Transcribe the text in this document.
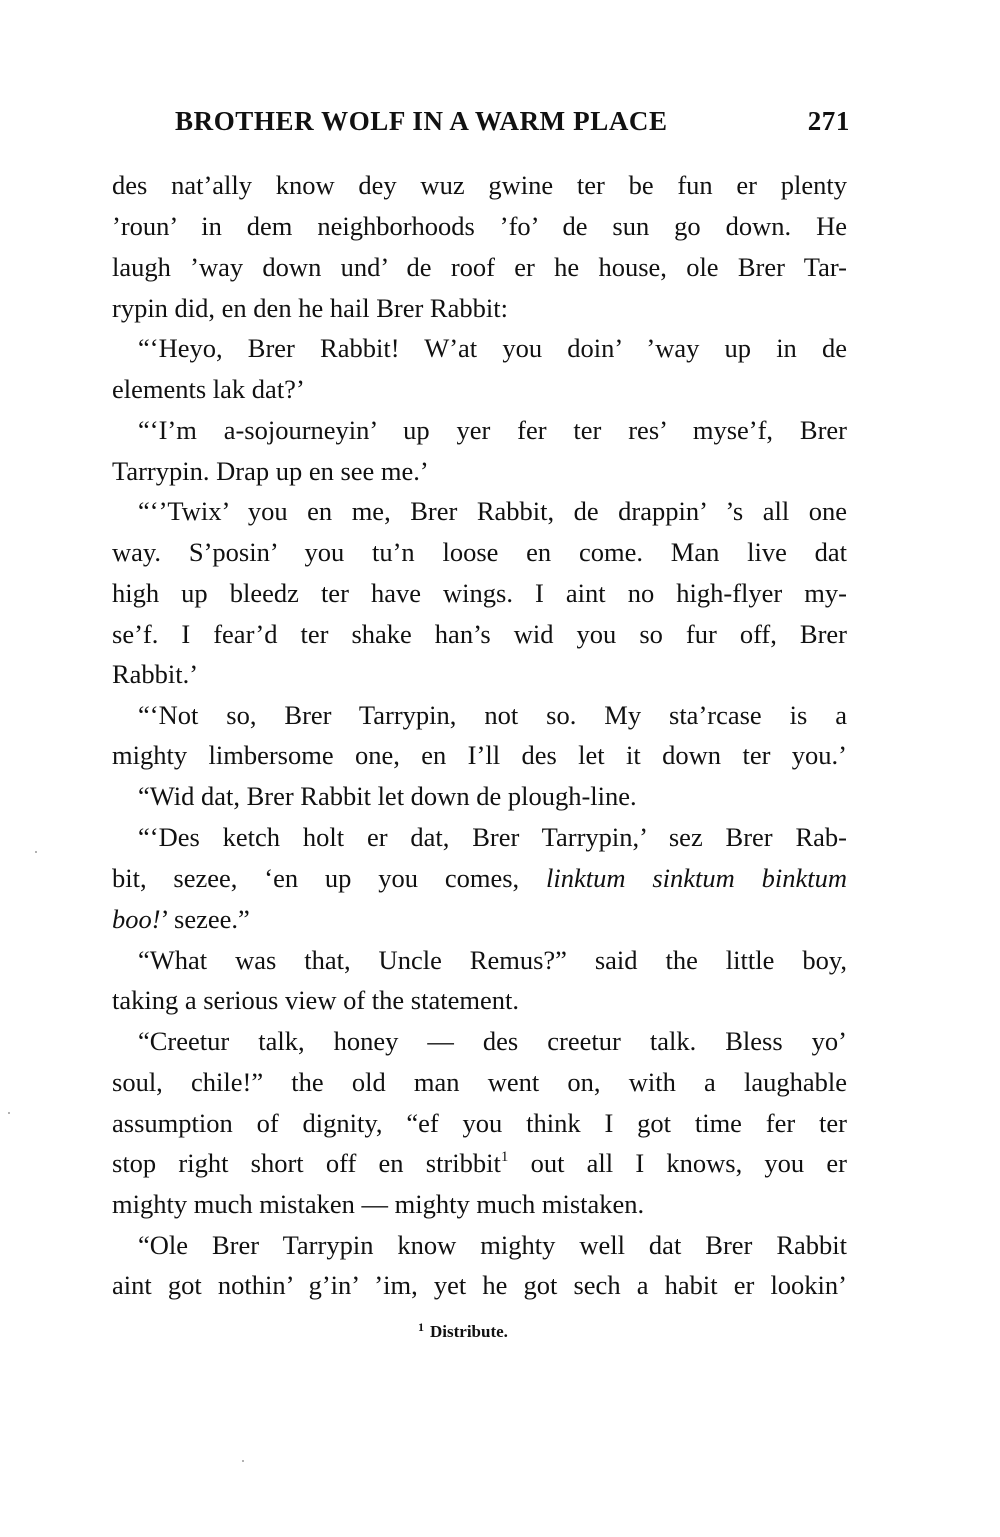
BROTHER WOLF IN A WARM PLACE	271
des nat’ally know dey wuz gwine ter be fun er plenty
’roun’ in dem neighborhoods ’fo’ de sun go down. He
laugh ’way down und’ de roof er he house, ole Brer Tar-
rypin did, en den he hail Brer Rabbit:
“‘Heyo, Brer Rabbit! W’at you doin’ ’way up in de
elements lak dat?’
“‘I’m a-sojourneyin’ up yer fer ter res’ myse’f, Brer
Tarrypin. Drap up en see me.’
“‘’Twix’ you en me, Brer Rabbit, de drappin’ ’s all one
way. S’posin’ you tu’n loose en come. Man live dat
high up bleedz ter have wings. I aint no high-flyer my-
se’f. I fear’d ter shake han’s wid you so fur off, Brer
Rabbit.’
“‘Not so, Brer Tarrypin, not so. My sta’rcase is a
mighty limbersome one, en I’ll des let it down ter you.’
“Wid dat, Brer Rabbit let down de plough-line.
“‘Des ketch holt er dat, Brer Tarrypin,’ sez Brer Rab-
bit, sezee, ‘en up you comes, linktum sinktum binktum
boo!’ sezee.”
“What was that, Uncle Remus?” said the little boy,
taking a serious view of the statement.
“Creetur talk, honey — des creetur talk. Bless yo’
soul, chile!” the old man went on, with a laughable
assumption of dignity, “ef you think I got time fer ter
stop right short off en stribbit$^1$ out all I knows, you er
mighty much mistaken — mighty much mistaken.
“Ole Brer Tarrypin know mighty well dat Brer Rabbit
aint got nothin’ g’in’ ’im, yet he got sech a habit er lookin’
$^1$ Distribute.
